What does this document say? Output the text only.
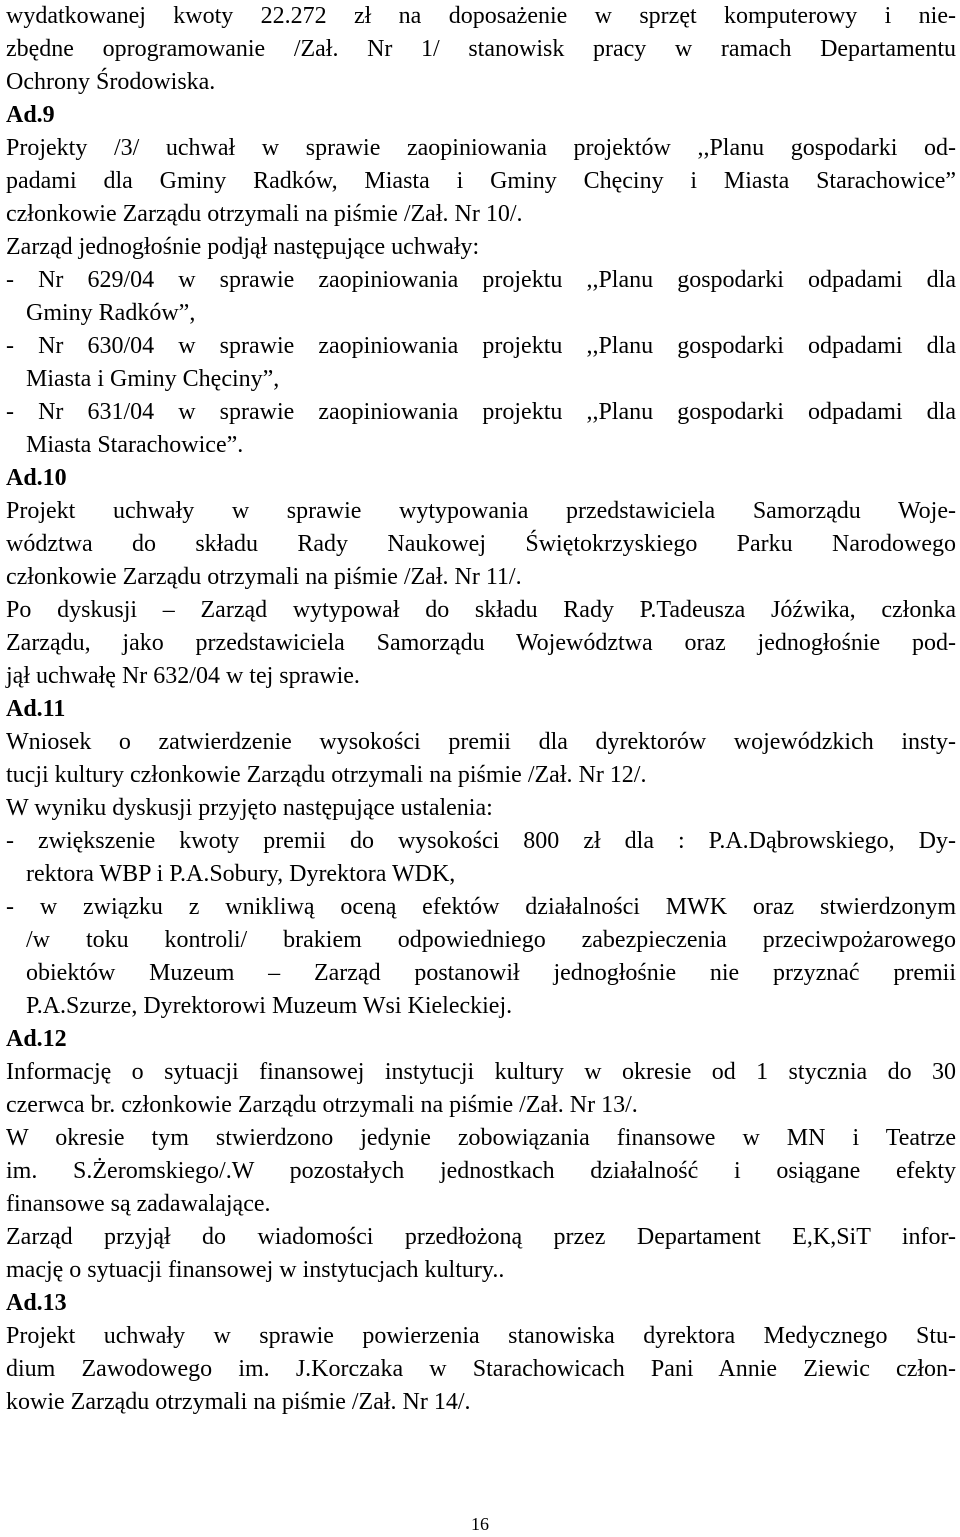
wydatkowanej kwoty 22.272 zł na doposażenie w sprzęt komputerowy i nie-
zbędne oprogramowanie /Zał. Nr 1/ stanowisk pracy w ramach Departamentu
Ochrony Środowiska.
Ad.9
Projekty /3/ uchwał w sprawie zaopiniowania projektów ,,Planu gospodarki od-
padami dla Gminy Radków, Miasta i Gminy Chęciny i Miasta Starachowice”
członkowie Zarządu otrzymali na piśmie /Zał. Nr 10/.
Zarząd jednogłośnie podjął następujące uchwały:
- Nr 629/04 w sprawie zaopiniowania projektu ,,Planu gospodarki odpadami dla
Gminy Radków”,
- Nr 630/04 w sprawie zaopiniowania projektu ,,Planu gospodarki odpadami dla
Miasta i Gminy Chęciny”,
- Nr 631/04 w sprawie zaopiniowania projektu ,,Planu gospodarki odpadami dla
Miasta Starachowice”.
Ad.10
Projekt uchwały w sprawie wytypowania przedstawiciela Samorządu Woje-
wództwa do składu Rady Naukowej Świętokrzyskiego Parku Narodowego
członkowie Zarządu otrzymali na piśmie /Zał. Nr 11/.
Po dyskusji – Zarząd wytypował do składu Rady P.Tadeusza Jóźwika, członka
Zarządu, jako przedstawiciela Samorządu Województwa oraz jednogłośnie pod-
jął uchwałę Nr 632/04 w tej sprawie.
Ad.11
Wniosek o zatwierdzenie wysokości premii dla dyrektorów wojewódzkich insty-
tucji kultury członkowie Zarządu otrzymali na piśmie /Zał. Nr 12/.
W wyniku dyskusji przyjęto następujące ustalenia:
- zwiększenie kwoty premii do wysokości 800 zł dla : P.A.Dąbrowskiego, Dy-
rektora WBP i P.A.Sobury, Dyrektora WDK,
- w związku z wnikliwą oceną efektów działalności MWK oraz stwierdzonym
/w toku kontroli/ brakiem odpowiedniego zabezpieczenia przeciwpożarowego
obiektów Muzeum – Zarząd postanowił jednogłośnie nie przyznać premii
P.A.Szurze, Dyrektorowi Muzeum Wsi Kieleckiej.
Ad.12
Informację o sytuacji finansowej instytucji kultury w okresie od 1 stycznia do 30
czerwca br. członkowie Zarządu otrzymali na piśmie /Zał. Nr 13/.
W okresie tym stwierdzono jedynie zobowiązania finansowe w MN i Teatrze
im. S.Żeromskiego/.W pozostałych jednostkach działalność i osiągane efekty
finansowe są zadawalające.
Zarząd przyjął do wiadomości przedłożoną przez Departament E,K,SiT infor-
mację o sytuacji finansowej w instytucjach kultury..
Ad.13
Projekt uchwały w sprawie powierzenia stanowiska dyrektora Medycznego Stu-
dium Zawodowego im. J.Korczaka w Starachowicach Pani Annie Ziewic człon-
kowie Zarządu otrzymali na piśmie /Zał. Nr 14/.
16
